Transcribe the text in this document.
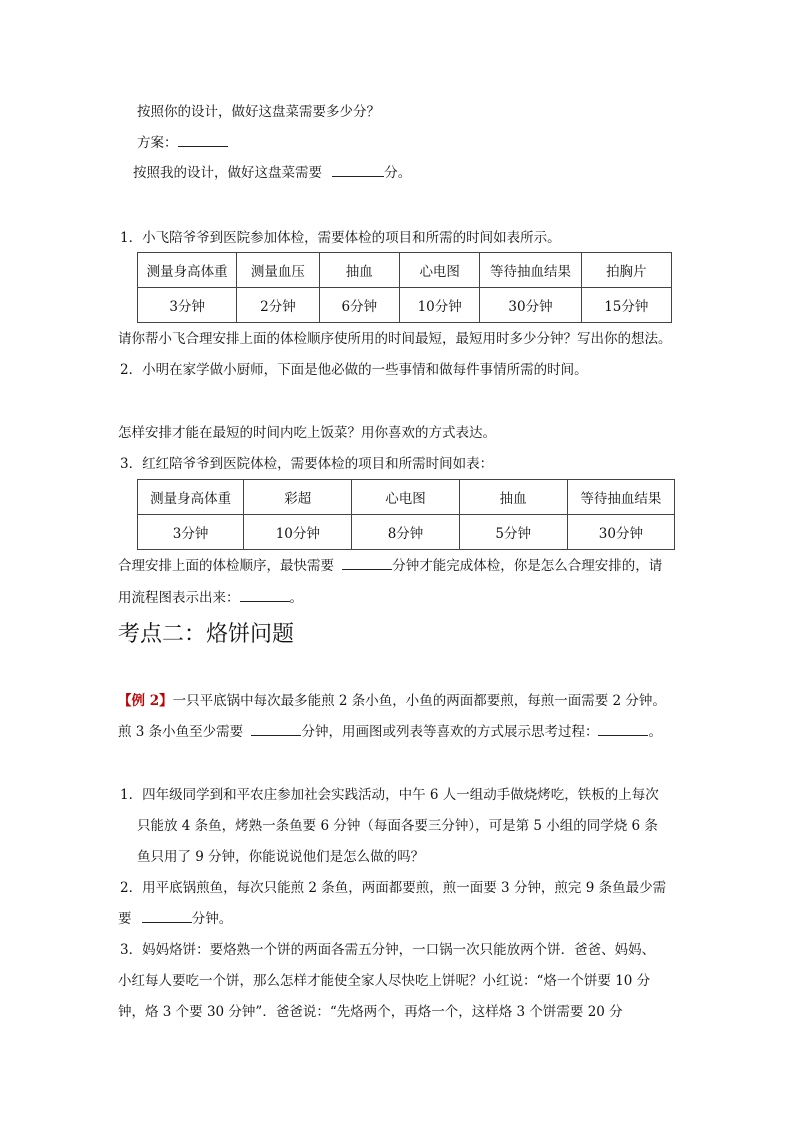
按照你的设计，做好这盘菜需要多少分？
方案：
按照我的设计，做好这盘菜需要	分。
1．小飞陪爷爷到医院参加体检，需要体检的项目和所需的时间如表所示。
测量身高体重	测量血压	抽血	心电图	等待抽血结果	拍胸片
3分钟	2分钟	6分钟	10分钟	30分钟	15分钟
请你帮小飞合理安排上面的体检顺序使所用的时间最短，最短用时多少分钟？写出你的想法。
2．小明在家学做小厨师，下面是他必做的一些事情和做每件事情所需的时间。
怎样安排才能在最短的时间内吃上饭菜？用你喜欢的方式表达。
3．红红陪爷爷到医院体检，需要体检的项目和所需时间如表：
测量身高体重	彩超	心电图	抽血	等待抽血结果
3分钟	10分钟	8分钟	5分钟	30分钟
合理安排上面的体检顺序，最快需要	分钟才能完成体检，你是怎么合理安排的，请
用流程图表示出来：	。
考点二：烙饼问题
【例 2】一只平底锅中每次最多能煎 2 条小鱼，小鱼的两面都要煎，每煎一面需要 2 分钟。
煎 3 条小鱼至少需要	分钟，用画图或列表等喜欢的方式展示思考过程：	。
1．四年级同学到和平农庄参加社会实践活动，中午 6 人一组动手做烧烤吃，铁板的上每次
只能放 4 条鱼，烤熟一条鱼要 6 分钟（每面各要三分钟），可是第 5 小组的同学烧 6 条
鱼只用了 9 分钟，你能说说他们是怎么做的吗？
2．用平底锅煎鱼，每次只能煎 2 条鱼，两面都要煎，煎一面要 3 分钟，煎完 9 条鱼最少需
要	分钟。
3．妈妈烙饼：要烙熟一个饼的两面各需五分钟，一口锅一次只能放两个饼．爸爸、妈妈、
小红每人要吃一个饼，那么怎样才能使全家人尽快吃上饼呢？小红说：“烙一个饼要 10 分
钟，烙 3 个要 30 分钟”．爸爸说：“先烙两个，再烙一个，这样烙 3 个饼需要 20 分
